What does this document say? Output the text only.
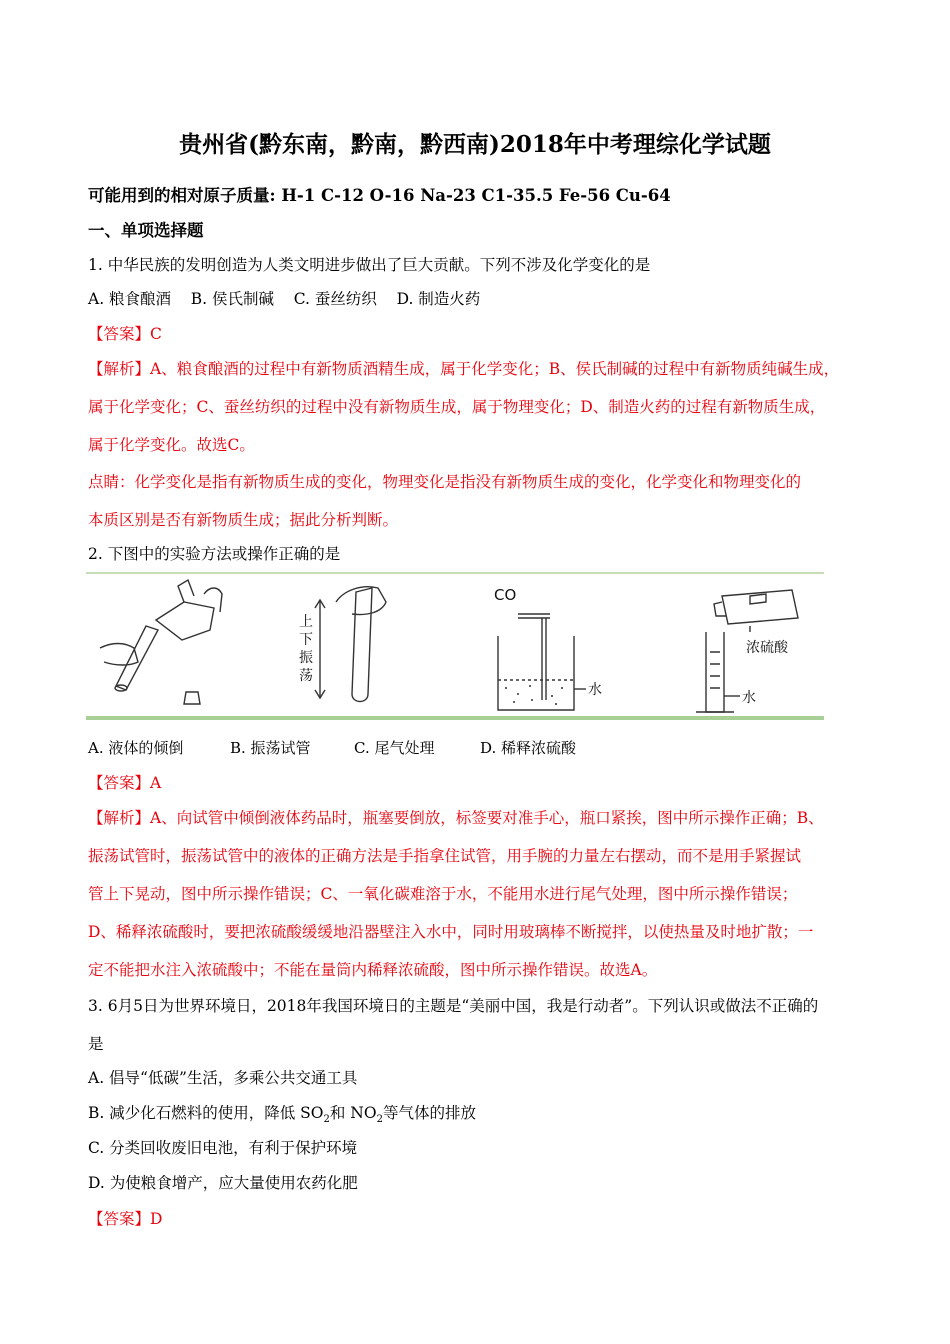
贵州省(黔东南，黔南，黔西南)2018年中考理综化学试题
可能用到的相对原子质量: H-1 C-12 O-16 Na-23 C1-35.5 Fe-56 Cu-64
一、单项选择题
1. 中华民族的发明创造为人类文明进步做出了巨大贡献。下列不涉及化学变化的是
A. 粮食酿酒    B. 侯氏制碱    C. 蚕丝纺织    D. 制造火药
【答案】C
【解析】A、粮食酿酒的过程中有新物质酒精生成，属于化学变化；B、侯氏制碱的过程中有新物质纯碱生成，
属于化学变化；C、蚕丝纺织的过程中没有新物质生成，属于物理变化；D、制造火药的过程有新物质生成，
属于化学变化。故选C。
点睛：化学变化是指有新物质生成的变化，物理变化是指没有新物质生成的变化，化学变化和物理变化的
本质区别是否有新物质生成；据此分析判断。
2. 下图中的实验方法或操作正确的是
上
下
振
荡
CO
水
浓硫酸
水
A. 液体的倾倒	B. 振荡试管	C. 尾气处理	D. 稀释浓硫酸
【答案】A
【解析】A、向试管中倾倒液体药品时，瓶塞要倒放，标签要对准手心，瓶口紧挨，图中所示操作正确；B、
振荡试管时，振荡试管中的液体的正确方法是手指拿住试管，用手腕的力量左右摆动，而不是用手紧握试
管上下晃动，图中所示操作错误；C、一氧化碳难溶于水，不能用水进行尾气处理，图中所示操作错误；
D、稀释浓硫酸时，要把浓硫酸缓缓地沿器壁注入水中，同时用玻璃棒不断搅拌，以使热量及时地扩散；一
定不能把水注入浓硫酸中；不能在量筒内稀释浓硫酸，图中所示操作错误。故选A。
3. 6月5日为世界环境日，2018年我国环境日的主题是“美丽中国，我是行动者”。下列认识或做法不正确的
是
A. 倡导“低碳”生活，多乘公共交通工具
B. 减少化石燃料的使用，降低 $SO_2$和 $NO_2$等气体的排放
C. 分类回收废旧电池，有利于保护环境
D. 为使粮食增产，应大量使用农药化肥
【答案】D
